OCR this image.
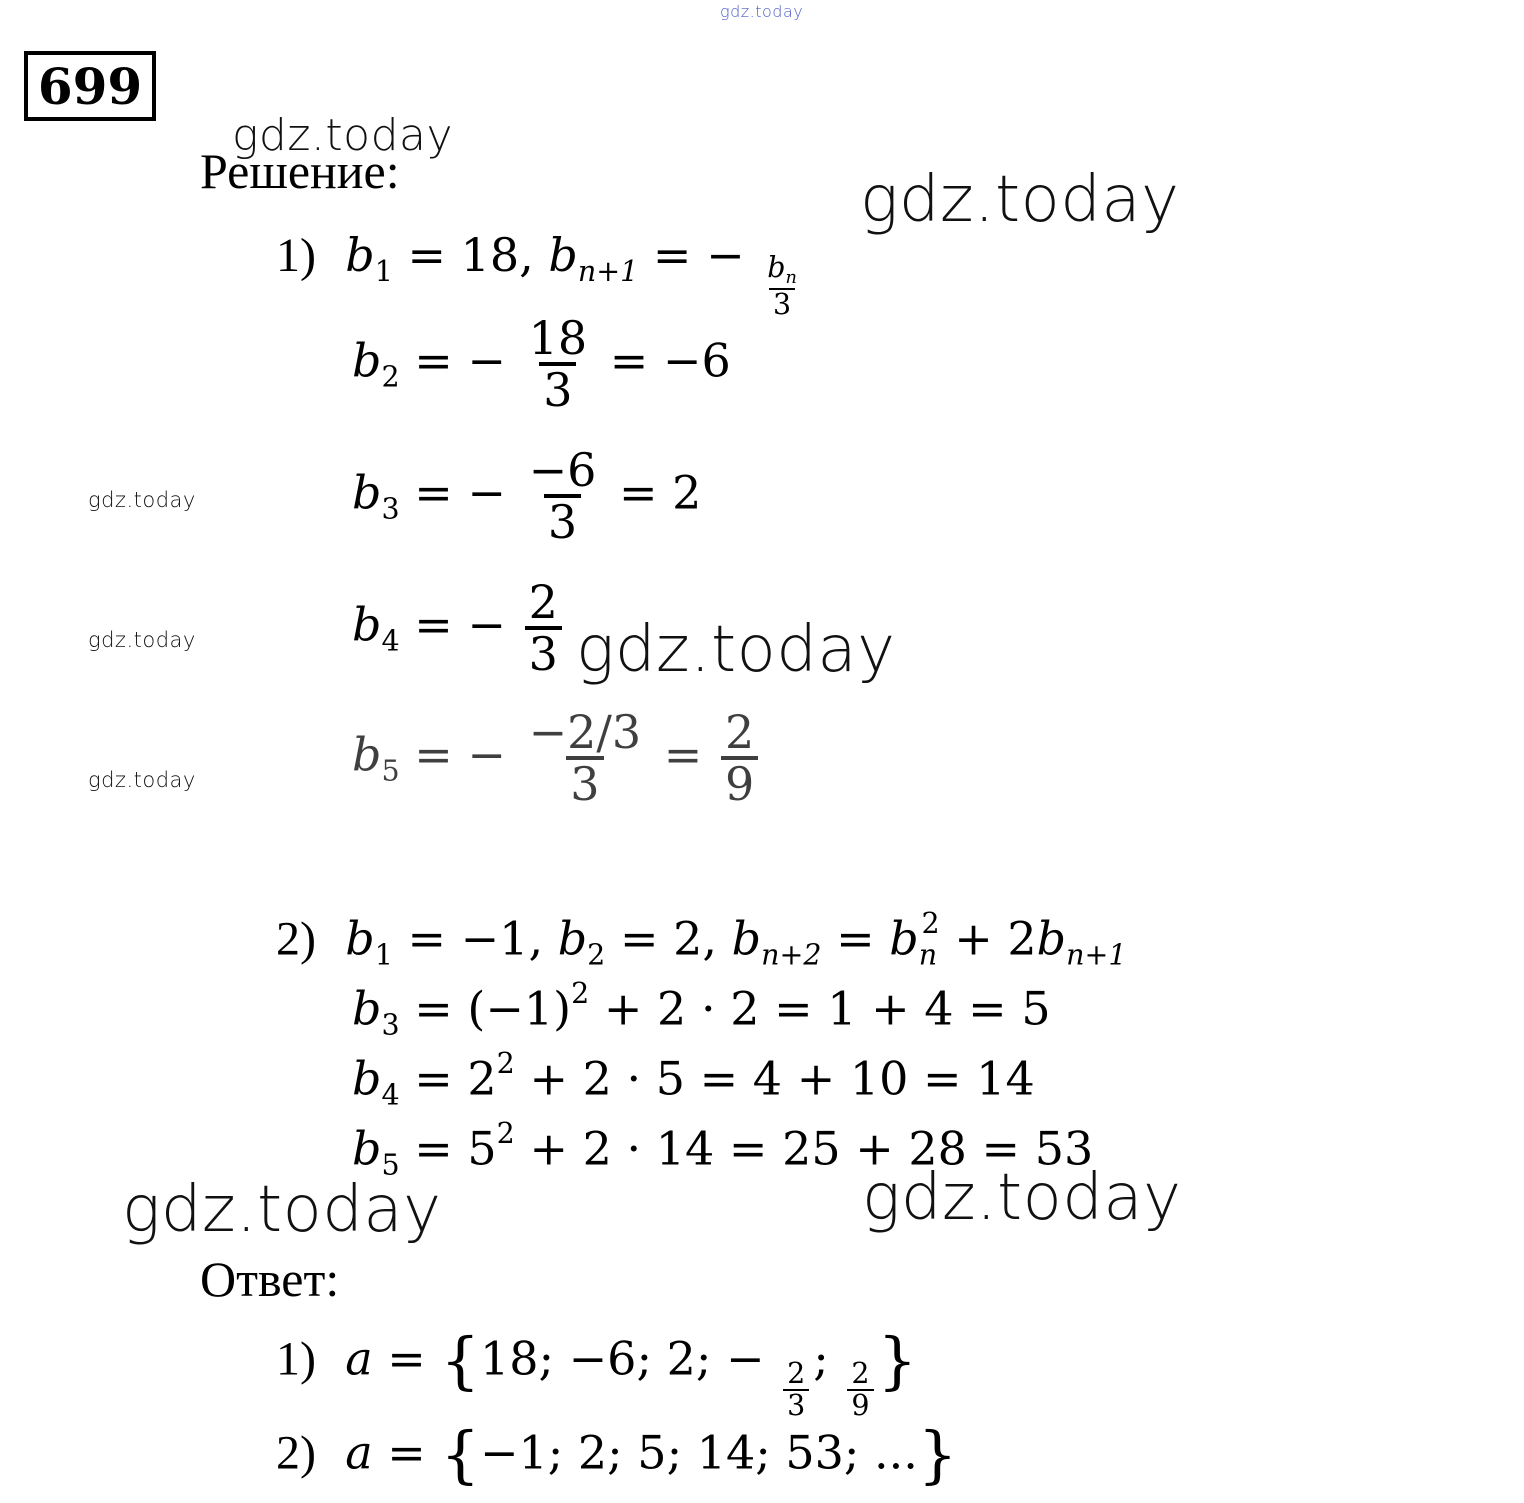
gdz.today
699
gdz.today
gdz.today
gdz.today
gdz.today	gdz.today
gdz.today
gdz.today	gdz.today
Решение:
1) $b_1 = 18$, $b_{n+1}$ = − $\frac{b_n}{3}$
$b_2$ = − $\frac{18}{3} = -6$
$b_3$ = − $\frac{-6}{3} = 2$
$b_4$ = − $\frac{2}{3}$
$b_5$ = − $\frac{-2/3}{3} = \frac{2}{9}$
2) $b_1 = -1$, $b_2 = 2$, $b_{n+2} = b_n^2 + 2b_{n+1}$
$b_3 = (-1)^2 + 2 \cdot 2 = 1 + 4 = 5$
$b_4 = 2^2 + 2 \cdot 5 = 4 + 10 = 14$
$b_5 = 5^2 + 2 \cdot 14 = 25 + 28 = 53$
Ответ:
1) a = {18; −6; 2; − $\frac{2}{3}$ ; $\frac{2}{9}$ }
2) a = {−1; 2; 5; 14; 53; ...}
